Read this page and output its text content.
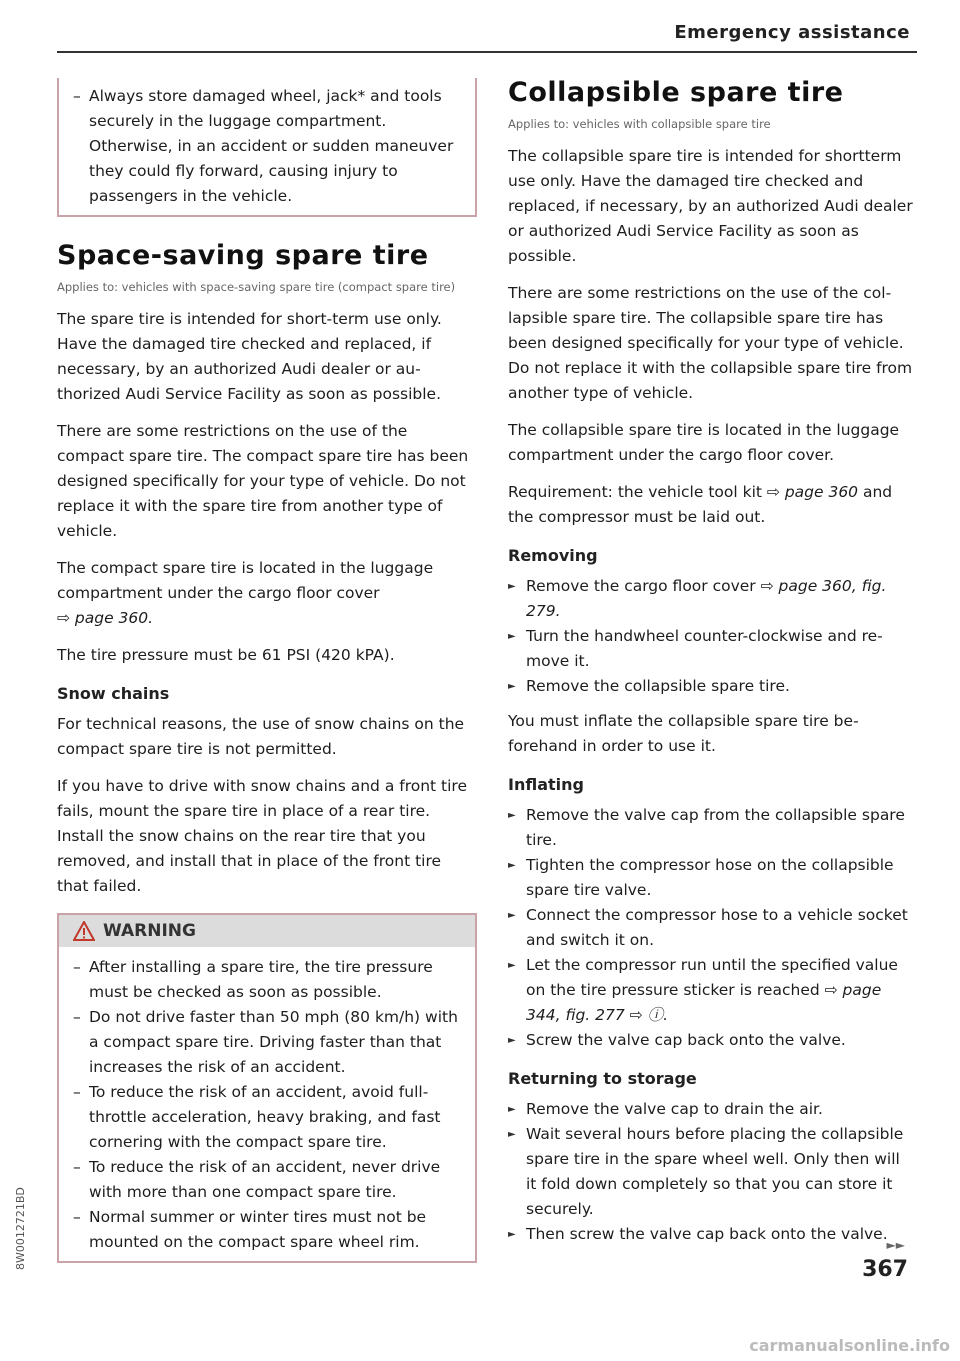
Emergency assistance
– Always store damaged wheel, jack* and tools securely in the luggage compartment. Otherwise, in an accident or sudden maneuver they could fly forward, causing injury to passengers in the vehicle.
Space-saving spare tire
Applies to: vehicles with space-saving spare tire (compact spare tire)

The spare tire is intended for short-term use only. Have the damaged tire checked and replaced, if necessary, by an authorized Audi dealer or authorized Audi Service Facility as soon as possible.

There are some restrictions on the use of the compact spare tire. The compact spare tire has been designed specifically for your type of vehicle. Do not replace it with the spare tire from another type of vehicle.

The compact spare tire is located in the luggage compartment under the cargo floor cover
⇨ page 360.

The tire pressure must be 61 PSI (420 kPA).

Snow chains

For technical reasons, the use of snow chains on the compact spare tire is not permitted.

If you have to drive with snow chains and a front tire fails, mount the spare tire in place of a rear tire. Install the snow chains on the rear tire that you removed, and install that in place of the front tire that failed.

WARNING
– After installing a spare tire, the tire pressure must be checked as soon as possible.
– Do not drive faster than 50 mph (80 km/h) with a compact spare tire. Driving faster than that increases the risk of an accident.
– To reduce the risk of an accident, avoid fullthrottle acceleration, heavy braking, and fast cornering with the compact spare tire.
– To reduce the risk of an accident, never drive with more than one compact spare tire.
– Normal summer or winter tires must not be mounted on the compact spare wheel rim.
Collapsible spare tire
Applies to: vehicles with collapsible spare tire

The collapsible spare tire is intended for shortterm use only. Have the damaged tire checked and replaced, if necessary, by an authorized Audi dealer or authorized Audi Service Facility as soon as possible.

There are some restrictions on the use of the collapsible spare tire. The collapsible spare tire has been designed specifically for your type of vehicle. Do not replace it with the collapsible spare tire from another type of vehicle.

The collapsible spare tire is located in the luggage compartment under the cargo floor cover.

Requirement: the vehicle tool kit ⇨ page 360 and the compressor must be laid out.

Removing
► Remove the cargo floor cover ⇨ page 360, fig. 279.
► Turn the handwheel counter-clockwise and remove it.
► Remove the collapsible spare tire.

You must inflate the collapsible spare tire beforehand in order to use it.

Inflating
► Remove the valve cap from the collapsible spare tire.
► Tighten the compressor hose on the collapsible spare tire valve.
► Connect the compressor hose to a vehicle socket and switch it on.
► Let the compressor run until the specified value on the tire pressure sticker is reached ⇨ page 344, fig. 277 ⇨ ⓘ.
► Screw the valve cap back onto the valve.
Returning to storage
► Remove the valve cap to drain the air.
► Wait several hours before placing the collapsible spare tire in the spare wheel well. Only then will it fold down completely so that you can store it securely.
► Then screw the valve cap back onto the valve.
►►
367
8W0012721BD
carmanualsonline.info
